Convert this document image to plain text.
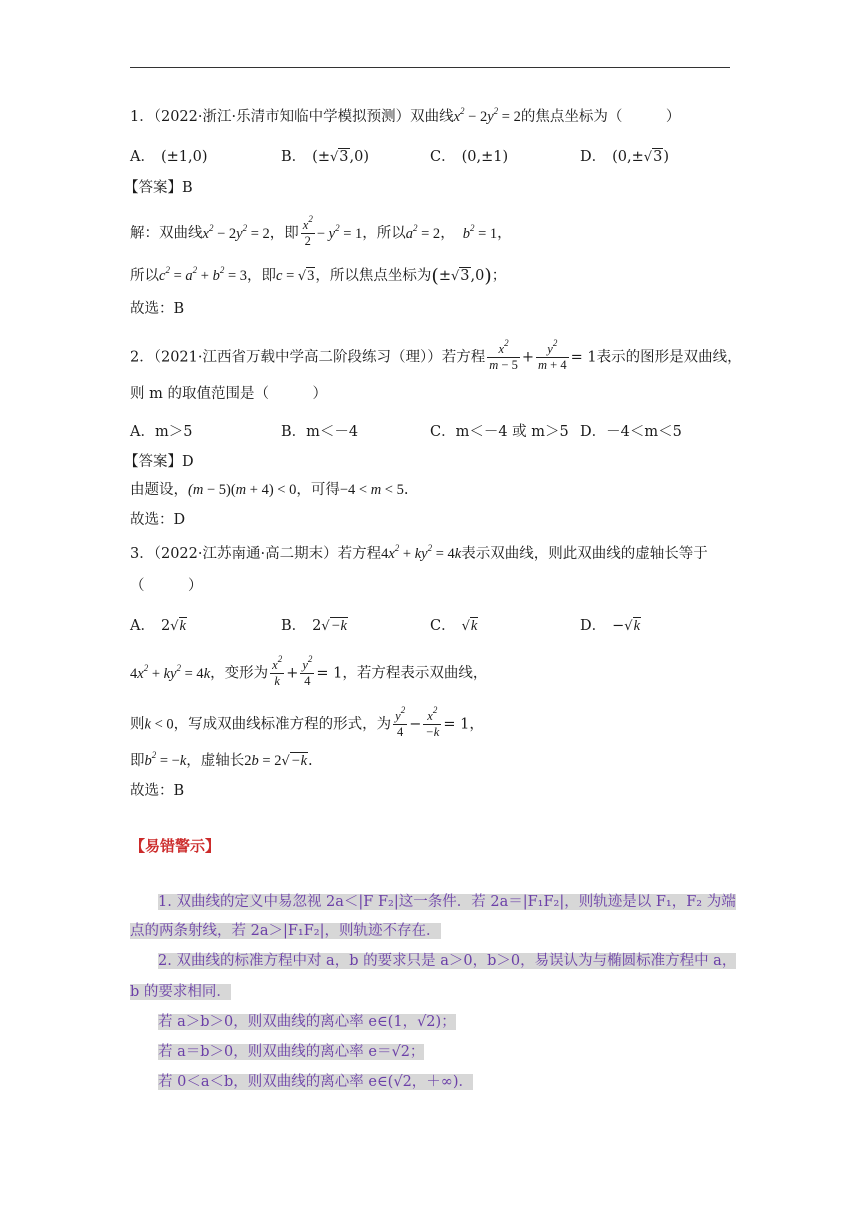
1．（2022·浙江·乐清市知临中学模拟预测）双曲线$x^2 - 2y^2 = 2$的焦点坐标为（　　　）
A． (±1,0)	B． (±√3,0)	C． (0,±1)	D． (0,±√3)
【答案】B
解：双曲线$x^2 - 2y^2 = 2$，即 $\frac{x^2}{2} - y^2 = 1$，所以$a^2 = 2$， $b^2 = 1$，
所以$c^2 = a^2 + b^2 = 3$，即c = √3，所以焦点坐标为(±√3,0)；
故选：B
2．（2021·江西省万载中学高二阶段练习（理））若方程 $\frac{x^2}{m - 5} + \frac{y^2}{m + 4} = 1$表示的图形是双曲线，
则 m 的取值范围是（　　　）
A．m＞5	B．m＜－4	C．m＜－4 或 m＞5 D．－4＜m＜5
【答案】D
由题设，(m − 5)(m + 4) < 0，可得−4 < m < 5.
故选：D
3．（2022·江苏南通·高二期末）若方程$4x^2 + ky^2 = 4k$表示双曲线，则此双曲线的虚轴长等于
（　　　）
A． 2√k	B． 2√−k	C． √k	D． −√k
$4x^2 + ky^2 = 4k$，变形为 $\frac{x^2}{k} + \frac{y^2}{4} = 1$，若方程表示双曲线，
则k < 0，写成双曲线标准方程的形式，为 $\frac{y^2}{4} - \frac{x^2}{-k} = 1$，
即$b^2 = -k$，虚轴长2b = 2√−k.
故选：B
【易错警示】
1. 双曲线的定义中易忽视 2a＜|F F₂|这一条件．若 2a＝|F₁F₂|，则轨迹是以 F₁，F₂ 为端
点的两条射线，若 2a＞|F₁F₂|，则轨迹不存在．
2. 双曲线的标准方程中对 a，b 的要求只是 a＞0，b＞0，易误认为与椭圆标准方程中 a，
b 的要求相同．
若 a＞b＞0，则双曲线的离心率 e∈(1，√2)；
若 a＝b＞0，则双曲线的离心率 e＝√2；
若 0＜a＜b，则双曲线的离心率 e∈(√2，＋∞)．
